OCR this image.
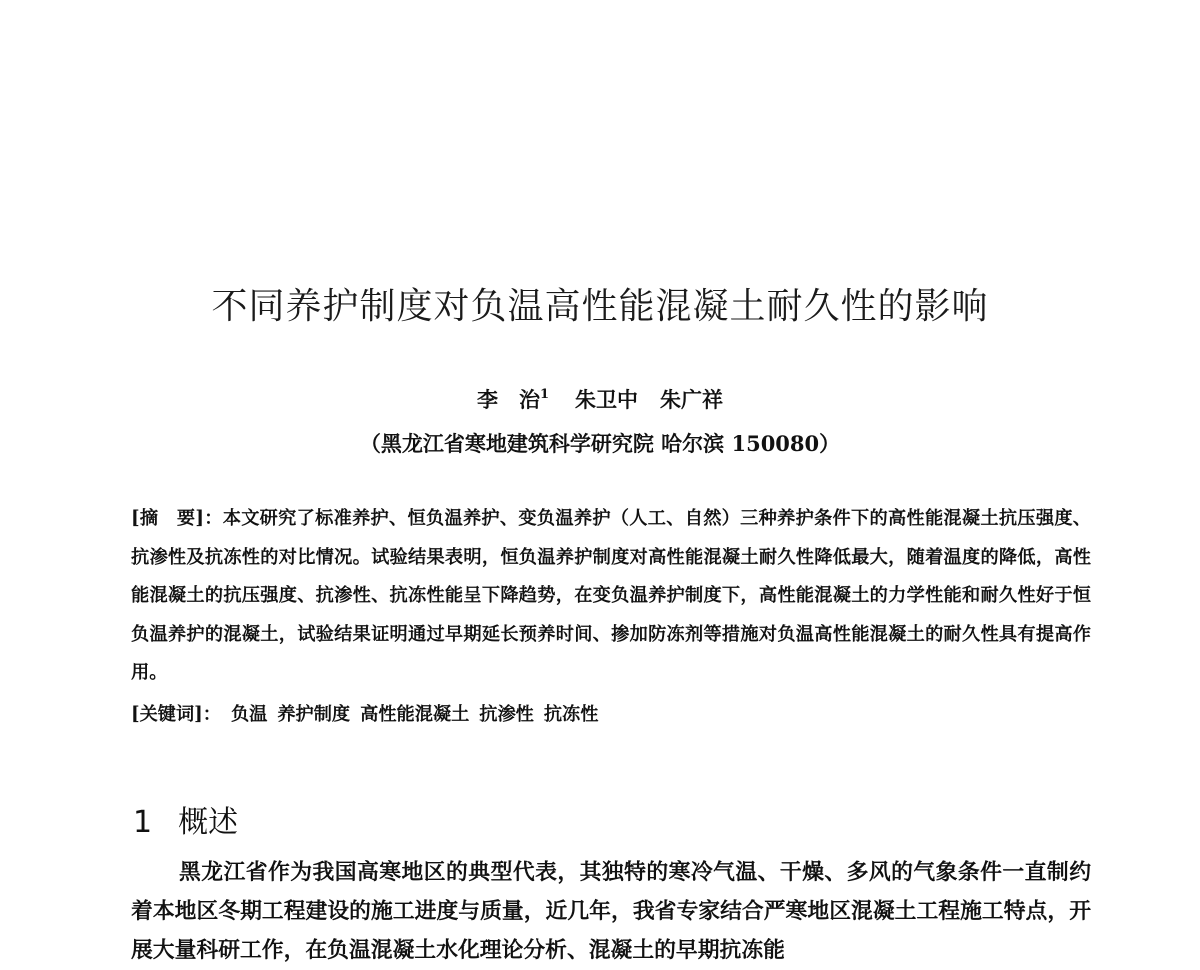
不同养护制度对负温高性能混凝土耐久性的影响
李　治$^1$ 朱卫中 朱广祥
（黑龙江省寒地建筑科学研究院 哈尔滨 150080）
[摘　要]：本文研究了标准养护、恒负温养护、变负温养护（人工、自然）三种养护条件下的高性能混凝土抗压强度、抗渗性及抗冻性的对比情况。试验结果表明，恒负温养护制度对高性能混凝土耐久性降低最大，随着温度的降低，高性能混凝土的抗压强度、抗渗性、抗冻性能呈下降趋势，在变负温养护制度下，高性能混凝土的力学性能和耐久性好于恒负温养护的混凝土，试验结果证明通过早期延长预养时间、掺加防冻剂等措施对负温高性能混凝土的耐久性具有提高作用。
[关键词]： 负温 养护制度 高性能混凝土 抗渗性 抗冻性
1 概述
黑龙江省作为我国高寒地区的典型代表，其独特的寒冷气温、干燥、多风的气象条件一直制约着本地区冬期工程建设的施工进度与质量，近几年，我省专家结合严寒地区混凝土工程施工特点，开展大量科研工作，在负温混凝土水化理论分析、混凝土的早期抗冻能
